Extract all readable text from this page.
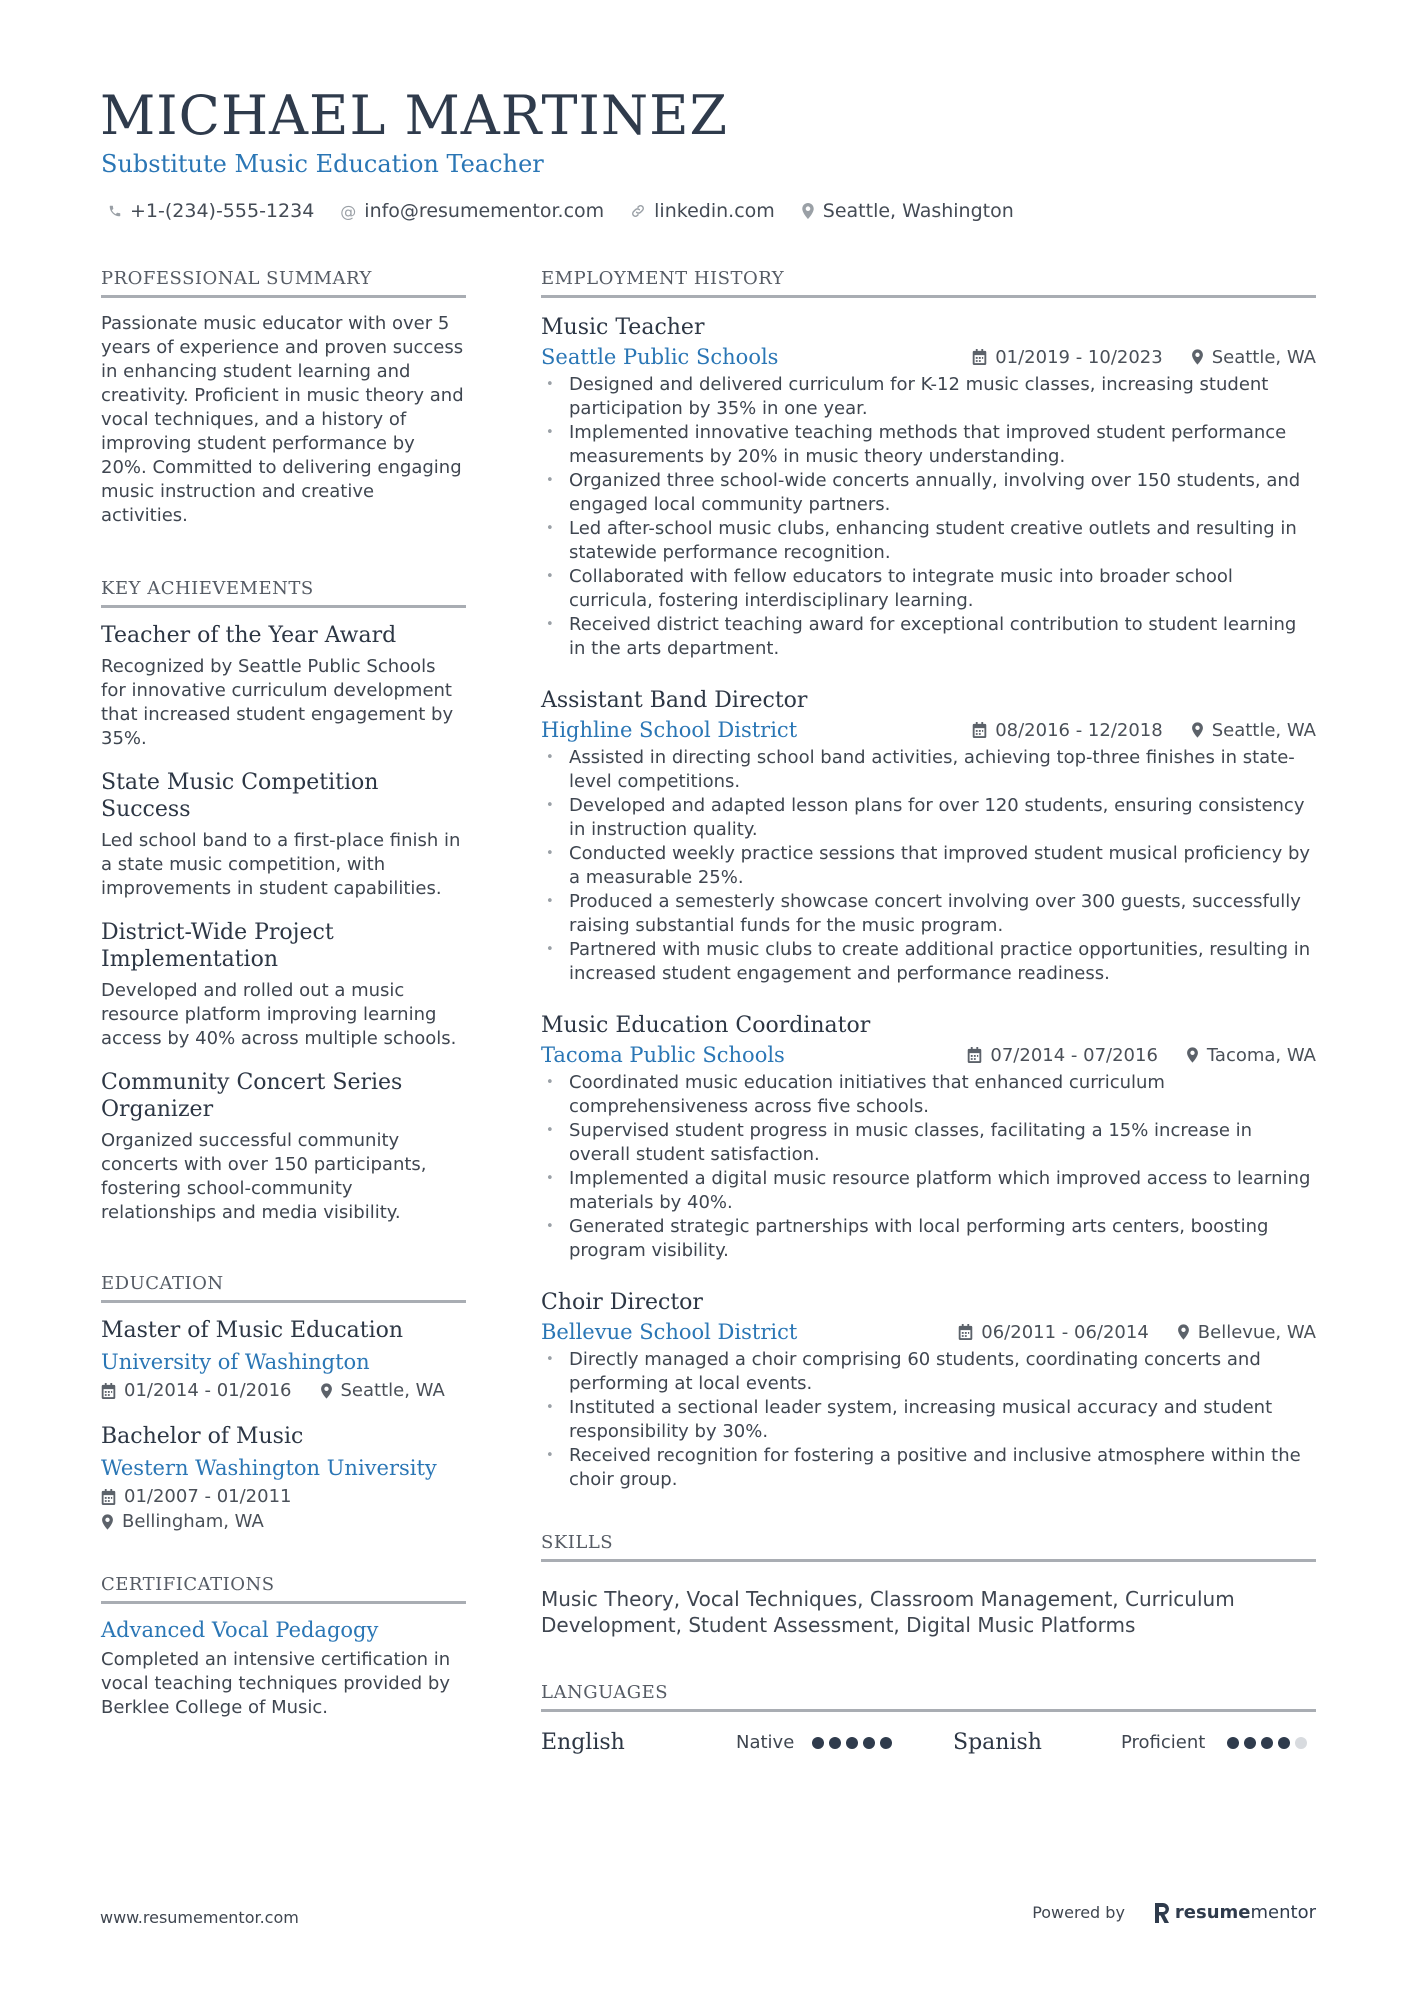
MICHAEL MARTINEZ
Substitute Music Education Teacher
+1-(234)-555-1234 @ info@resumementor.com	linkedin.com	Seattle, Washington
PROFESSIONAL SUMMARY
Passionate music educator with over 5 years of experience and proven success in enhancing student learning and creativity. Proficient in music theory and vocal techniques, and a history of improving student performance by 20%. Committed to delivering engaging music instruction and creative activities.
KEY ACHIEVEMENTS
Teacher of the Year Award
Recognized by Seattle Public Schools for innovative curriculum development that increased student engagement by 35%.
State Music Competition Success
Led school band to a first-place finish in a state music competition, with improvements in student capabilities.
District-Wide Project Implementation
Developed and rolled out a music resource platform improving learning access by 40% across multiple schools.
Community Concert Series Organizer
Organized successful community concerts with over 150 participants, fostering school-community relationships and media visibility.
EDUCATION
Master of Music Education
University of Washington
01/2014 - 01/2016	Seattle, WA
Bachelor of Music
Western Washington University
01/2007 - 01/2011
Bellingham, WA
CERTIFICATIONS
Advanced Vocal Pedagogy
Completed an intensive certification in vocal teaching techniques provided by Berklee College of Music.
EMPLOYMENT HISTORY
Music Teacher
Seattle Public Schools	01/2019 - 10/2023	Seattle, WA
• Designed and delivered curriculum for K-12 music classes, increasing student participation by 35% in one year.
• Implemented innovative teaching methods that improved student performance measurements by 20% in music theory understanding.
• Organized three school-wide concerts annually, involving over 150 students, and engaged local community partners.
• Led after-school music clubs, enhancing student creative outlets and resulting in statewide performance recognition.
• Collaborated with fellow educators to integrate music into broader school curricula, fostering interdisciplinary learning.
• Received district teaching award for exceptional contribution to student learning in the arts department.
Assistant Band Director
Highline School District	08/2016 - 12/2018	Seattle, WA
• Assisted in directing school band activities, achieving top-three finishes in state-level competitions.
• Developed and adapted lesson plans for over 120 students, ensuring consistency in instruction quality.
• Conducted weekly practice sessions that improved student musical proficiency by a measurable 25%.
• Produced a semesterly showcase concert involving over 300 guests, successfully raising substantial funds for the music program.
• Partnered with music clubs to create additional practice opportunities, resulting in increased student engagement and performance readiness.
Music Education Coordinator
Tacoma Public Schools	07/2014 - 07/2016	Tacoma, WA
• Coordinated music education initiatives that enhanced curriculum comprehensiveness across five schools.
• Supervised student progress in music classes, facilitating a 15% increase in overall student satisfaction.
• Implemented a digital music resource platform which improved access to learning materials by 40%.
• Generated strategic partnerships with local performing arts centers, boosting program visibility.
Choir Director
Bellevue School District	06/2011 - 06/2014	Bellevue, WA
• Directly managed a choir comprising 60 students, coordinating concerts and performing at local events.
• Instituted a sectional leader system, increasing musical accuracy and student responsibility by 30%.
• Received recognition for fostering a positive and inclusive atmosphere within the choir group.
SKILLS
Music Theory, Vocal Techniques, Classroom Management, Curriculum Development, Student Assessment, Digital Music Platforms
LANGUAGES
English	Native	Spanish	Proficient
www.resumementor.com	Powered by	resume mentor
